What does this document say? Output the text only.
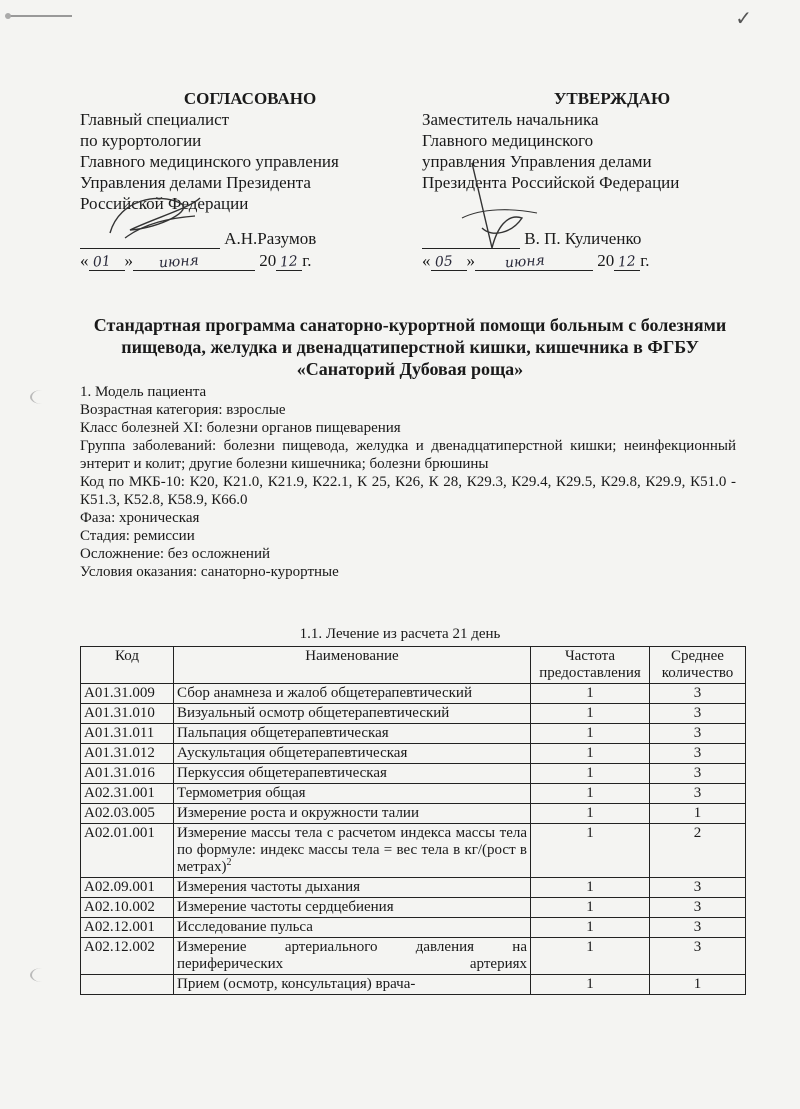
✓
СОГЛАСОВАНО
Главный специалист
по курортологии
Главного медицинского управления
Управления делами Президента
Российской Федерации
А.Н.Разумов
« 01 » июня	20 12 г.
УТВЕРЖДАЮ
Заместитель начальника
Главного медицинского
управления Управления делами
Президента Российской Федерации
В. П. Куличенко
« 05 » июня	20 12 г.
Стандартная программа санаторно-курортной помощи больным с болезнями
пищевода, желудка и двенадцатиперстной кишки, кишечника в ФГБУ
«Санаторий Дубовая роща»

1. Модель пациента

Возрастная категория: взрослые

Класс болезней XI: болезни органов пищеварения

Группа заболеваний: болезни пищевода, желудка и двенадцатиперстной кишки; неинфекционный энтерит и колит; другие болезни кишечника; болезни брюшины

Код по МКБ-10: К20, К21.0, К21.9, К22.1, К 25, К26, К 28, К29.3, К29.4, К29.5, К29.8, К29.9, К51.0 - К51.3, К52.8, К58.9, К66.0

Фаза: хроническая

Стадия: ремиссии

Осложнение: без осложнений

Условия оказания: санаторно-курортные

1.1. Лечение из расчета 21 день
Код	Наименование	Частота предоставления	Среднее количество
А01.31.009	Сбор анамнеза и жалоб общетерапевтический	1	3
А01.31.010	Визуальный осмотр общетерапевтический	1	3
А01.31.011	Пальпация общетерапевтическая	1	3
А01.31.012	Аускультация общетерапевтическая	1	3
А01.31.016	Перкуссия общетерапевтическая	1	3
А02.31.001	Термометрия общая	1	3
А02.03.005	Измерение роста и окружности талии	1	1
А02.01.001	Измерение массы тела с расчетом индекса массы тела по формуле: индекс массы тела = вес тела в кг/(рост в метрах)$^2$	1	2
А02.09.001	Измерения частоты дыхания	1	3
А02.10.002	Измерение частоты сердцебиения	1	3
А02.12.001	Исследование пульса	1	3
А02.12.002	Измерение артериального давления на периферических артериях	1	3
	Прием (осмотр, консультация) врача-	1	1
